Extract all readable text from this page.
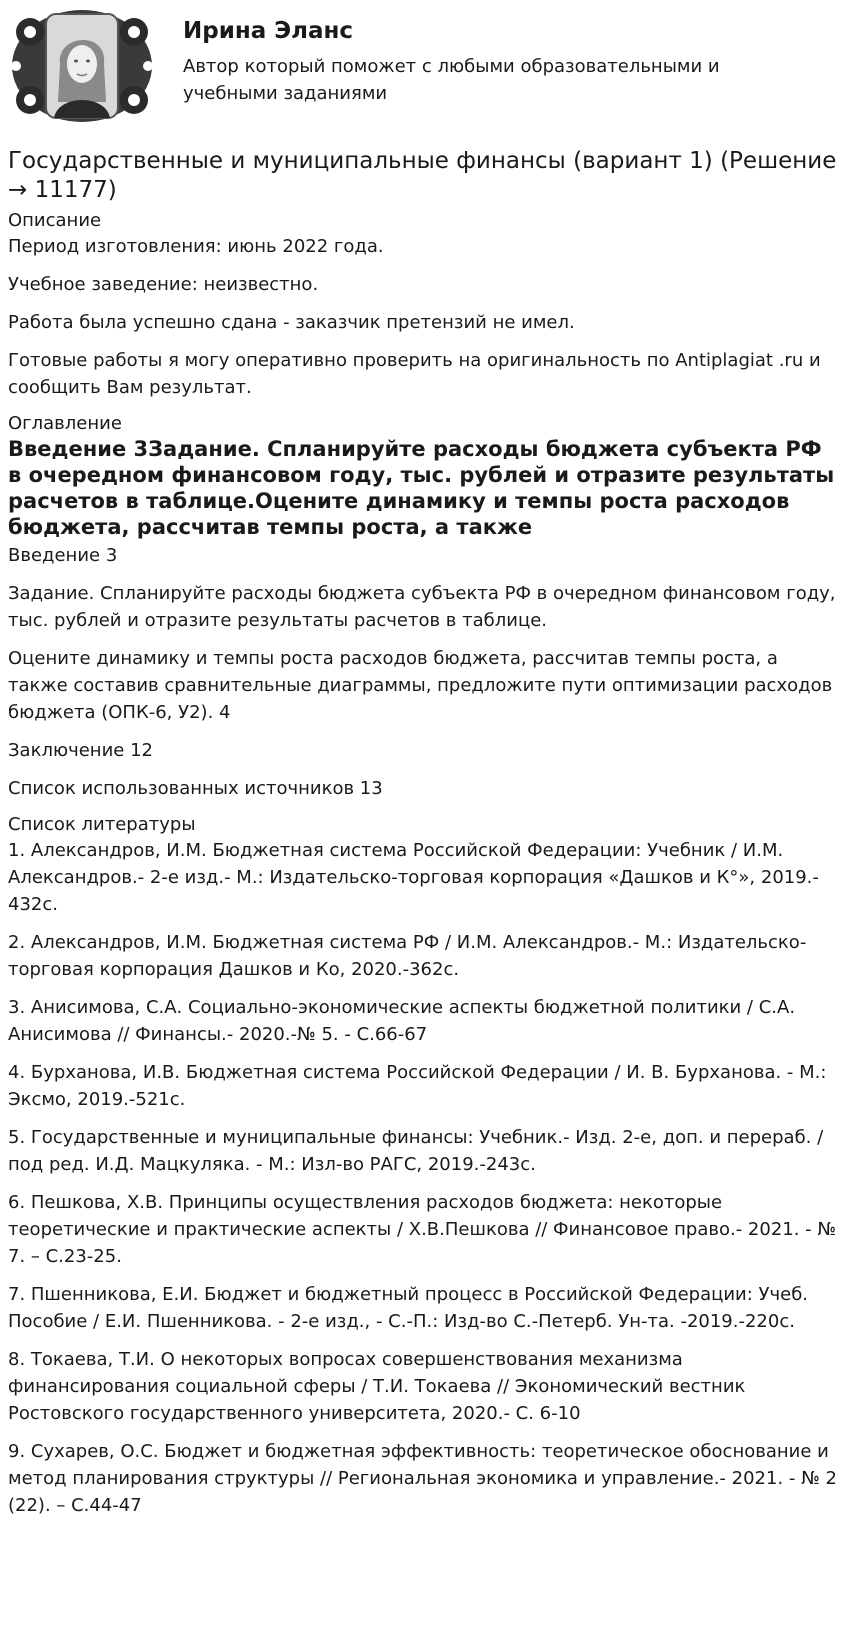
Ирина Эланс

Автор который поможет с любыми образовательными и учебными заданиями

Государственные и муниципальные финансы (вариант 1) (Решение → 11177)

Описание

Период изготовления: июнь 2022 года.

Учебное заведение: неизвестно.

Работа была успешно сдана - заказчик претензий не имел.

Готовые работы я могу оперативно проверить на оригинальность по Antiplagiat .ru и сообщить Вам результат.

Оглавление

Введение 3Задание. Спланируйте расходы бюджета субъекта РФ в очередном финансовом году, тыс. рублей и отразите результаты расчетов в таблице.Оцените динамику и темпы роста расходов бюджета, рассчитав темпы роста, а также

Введение 3

Задание. Спланируйте расходы бюджета субъекта РФ в очередном финансовом году, тыс. рублей и отразите результаты расчетов в таблице.

Оцените динамику и темпы роста расходов бюджета, рассчитав темпы роста, а также составив сравнительные диаграммы, предложите пути оптимизации расходов бюджета (ОПК-6, У2). 4

Заключение 12

Список использованных источников 13

Список литературы

1. Александров, И.М. Бюджетная система Российской Федерации: Учебник / И.М. Александров.- 2-е изд.- М.: Издательско-торговая корпорация «Дашков и К°», 2019.- 432с.
2. Александров, И.М. Бюджетная система РФ / И.М. Александров.- М.: Издательско-торговая корпорация Дашков и Ко, 2020.-362с.
3. Анисимова, С.А. Социально-экономические аспекты бюджетной политики / С.А. Анисимова // Финансы.- 2020.-№ 5. - С.66-67
4. Бурханова, И.В. Бюджетная система Российской Федерации / И. В. Бурханова. - М.: Эксмо, 2019.-521с.
5. Государственные и муниципальные финансы: Учебник.- Изд. 2-е, доп. и перераб. / под ред. И.Д. Мацкуляка. - М.: Изл-во РАГС, 2019.-243с.
6. Пешкова, Х.В. Принципы осуществления расходов бюджета: некоторые теоретические и практические аспекты / Х.В.Пешкова // Финансовое право.- 2021. - № 7. – С.23-25.
7. Пшенникова, Е.И. Бюджет и бюджетный процесс в Российской Федерации: Учеб. Пособие / Е.И. Пшенникова. - 2-е изд., - С.-П.: Изд-во С.-Петерб. Ун-та. -2019.-220с.
8. Токаева, Т.И. О некоторых вопросах совершенствования механизма финансирования социальной сферы / Т.И. Токаева // Экономический вестник Ростовского государственного университета, 2020.- С. 6-10
9. Сухарев, О.С. Бюджет и бюджетная эффективность: теоретическое обоснование и метод планирования структуры // Региональная экономика и управление.- 2021. - № 2 (22). – С.44-47
